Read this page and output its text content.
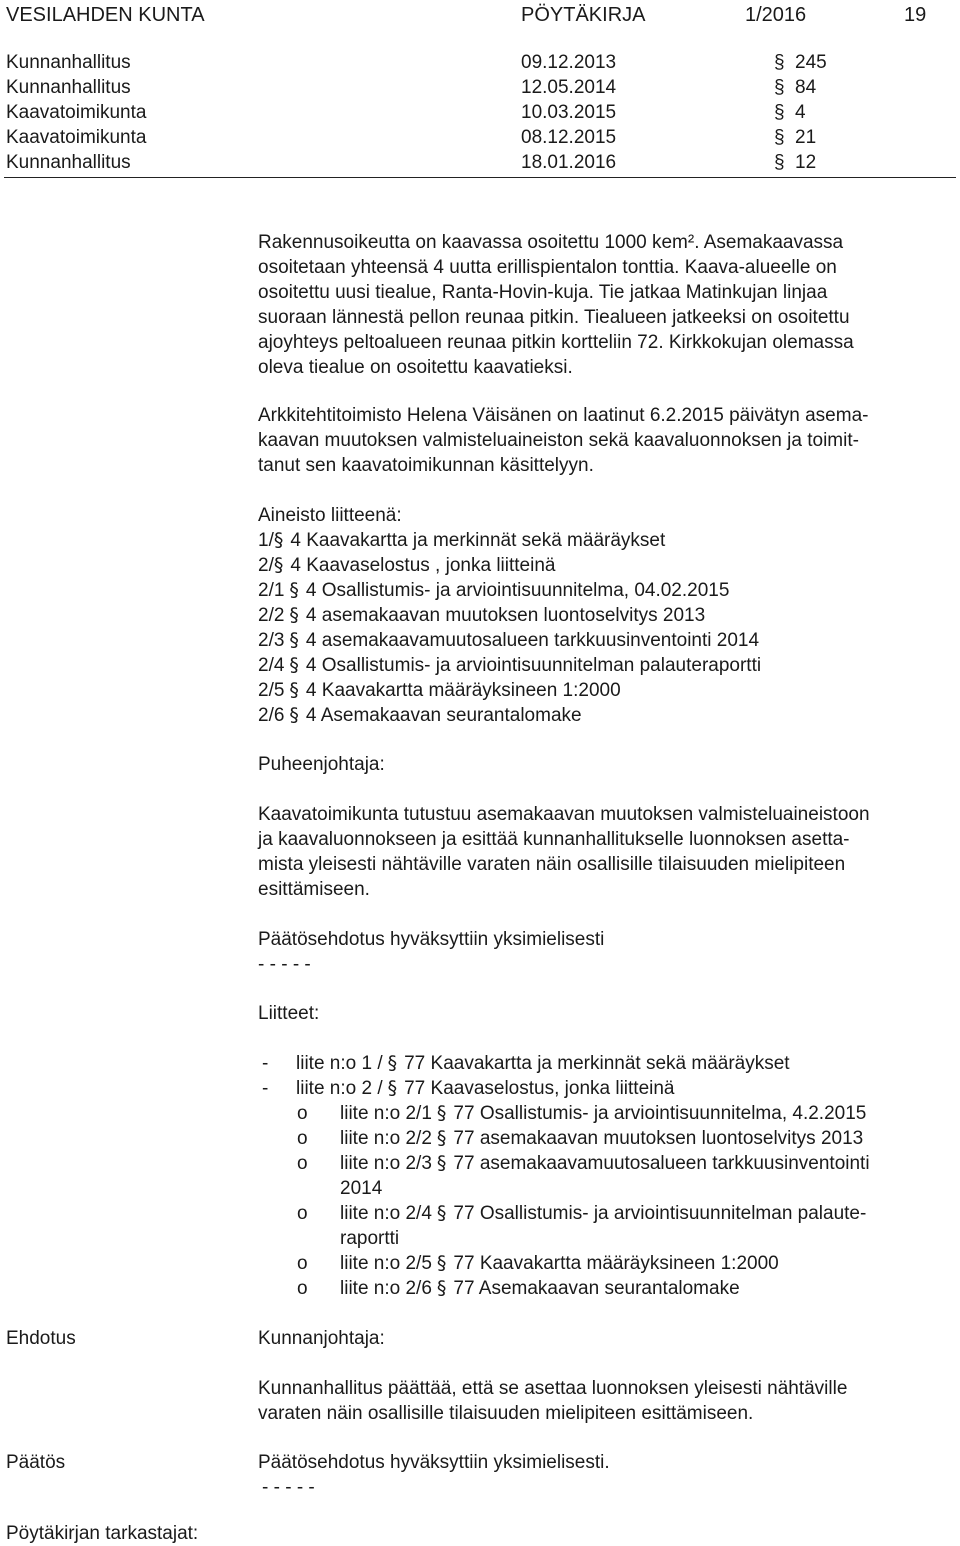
VESILAHDEN KUNTA	PÖYTÄKIRJA	1/2016	19
Kunnanhallitus	09.12.2013	§ 245
Kunnanhallitus	12.05.2014	§ 84
Kaavatoimikunta	10.03.2015	§ 4
Kaavatoimikunta	08.12.2015	§ 21
Kunnanhallitus	18.01.2016	§ 12

Rakennusoikeutta on kaavassa osoitettu 1000 kem². Asemakaavassa

osoitetaan yhteensä 4 uutta erillispientalon tonttia. Kaava-alueelle on

osoitettu uusi tiealue, Ranta-Hovin-kuja. Tie jatkaa Matinkujan linjaa

suoraan lännestä pellon reunaa pitkin. Tiealueen jatkeeksi on osoitettu

ajoyhteys peltoalueen reunaa pitkin kortteliin 72. Kirkkokujan olemassa

oleva tiealue on osoitettu kaavatieksi.

Arkkitehtitoimisto Helena Väisänen on laatinut 6.2.2015 päivätyn asema-

kaavan muutoksen valmisteluaineiston sekä kaavaluonnoksen ja toimit-

tanut sen kaavatoimikunnan käsittelyyn.

Aineisto liitteenä:
1/§ 4 Kaavakartta ja merkinnät sekä määräykset
2/§ 4 Kaavaselostus , jonka liitteinä
2/1 § 4 Osallistumis- ja arviointisuunnitelma, 04.02.2015
2/2 § 4 asemakaavan muutoksen luontoselvitys 2013
2/3 § 4 asemakaavamuutosalueen tarkkuusinventointi 2014
2/4 § 4 Osallistumis- ja arviointisuunnitelman palauteraportti
2/5 § 4 Kaavakartta määräyksineen 1:2000
2/6 § 4 Asemakaavan seurantalomake
Puheenjohtaja:

Kaavatoimikunta tutustuu asemakaavan muutoksen valmisteluaineistoon

ja kaavaluonnokseen ja esittää kunnanhallitukselle luonnoksen asetta-

mista yleisesti nähtäville varaten näin osallisille tilaisuuden mielipiteen

esittämiseen.

Päätösehdotus hyväksyttiin yksimielisesti
- - - - -
Liitteet:
- liite n:o 1 / § 77 Kaavakartta ja merkinnät sekä määräykset
- liite n:o 2 / § 77 Kaavaselostus, jonka liitteinä
o liite n:o 2/1 § 77 Osallistumis- ja arviointisuunnitelma, 4.2.2015
o liite n:o 2/2 § 77 asemakaavan muutoksen luontoselvitys 2013
o liite n:o 2/3 § 77 asemakaavamuutosalueen tarkkuusinventointi
2014
o liite n:o 2/4 § 77 Osallistumis- ja arviointisuunnitelman palaute-
raportti
o liite n:o 2/5 § 77 Kaavakartta määräyksineen 1:2000
o liite n:o 2/6 § 77 Asemakaavan seurantalomake
Ehdotus	Kunnanjohtaja:

Kunnanhallitus päättää, että se asettaa luonnoksen yleisesti nähtäville

varaten näin osallisille tilaisuuden mielipiteen esittämiseen.

Päätös	Päätösehdotus hyväksyttiin yksimielisesti.
- - - - -
Pöytäkirjan tarkastajat:
